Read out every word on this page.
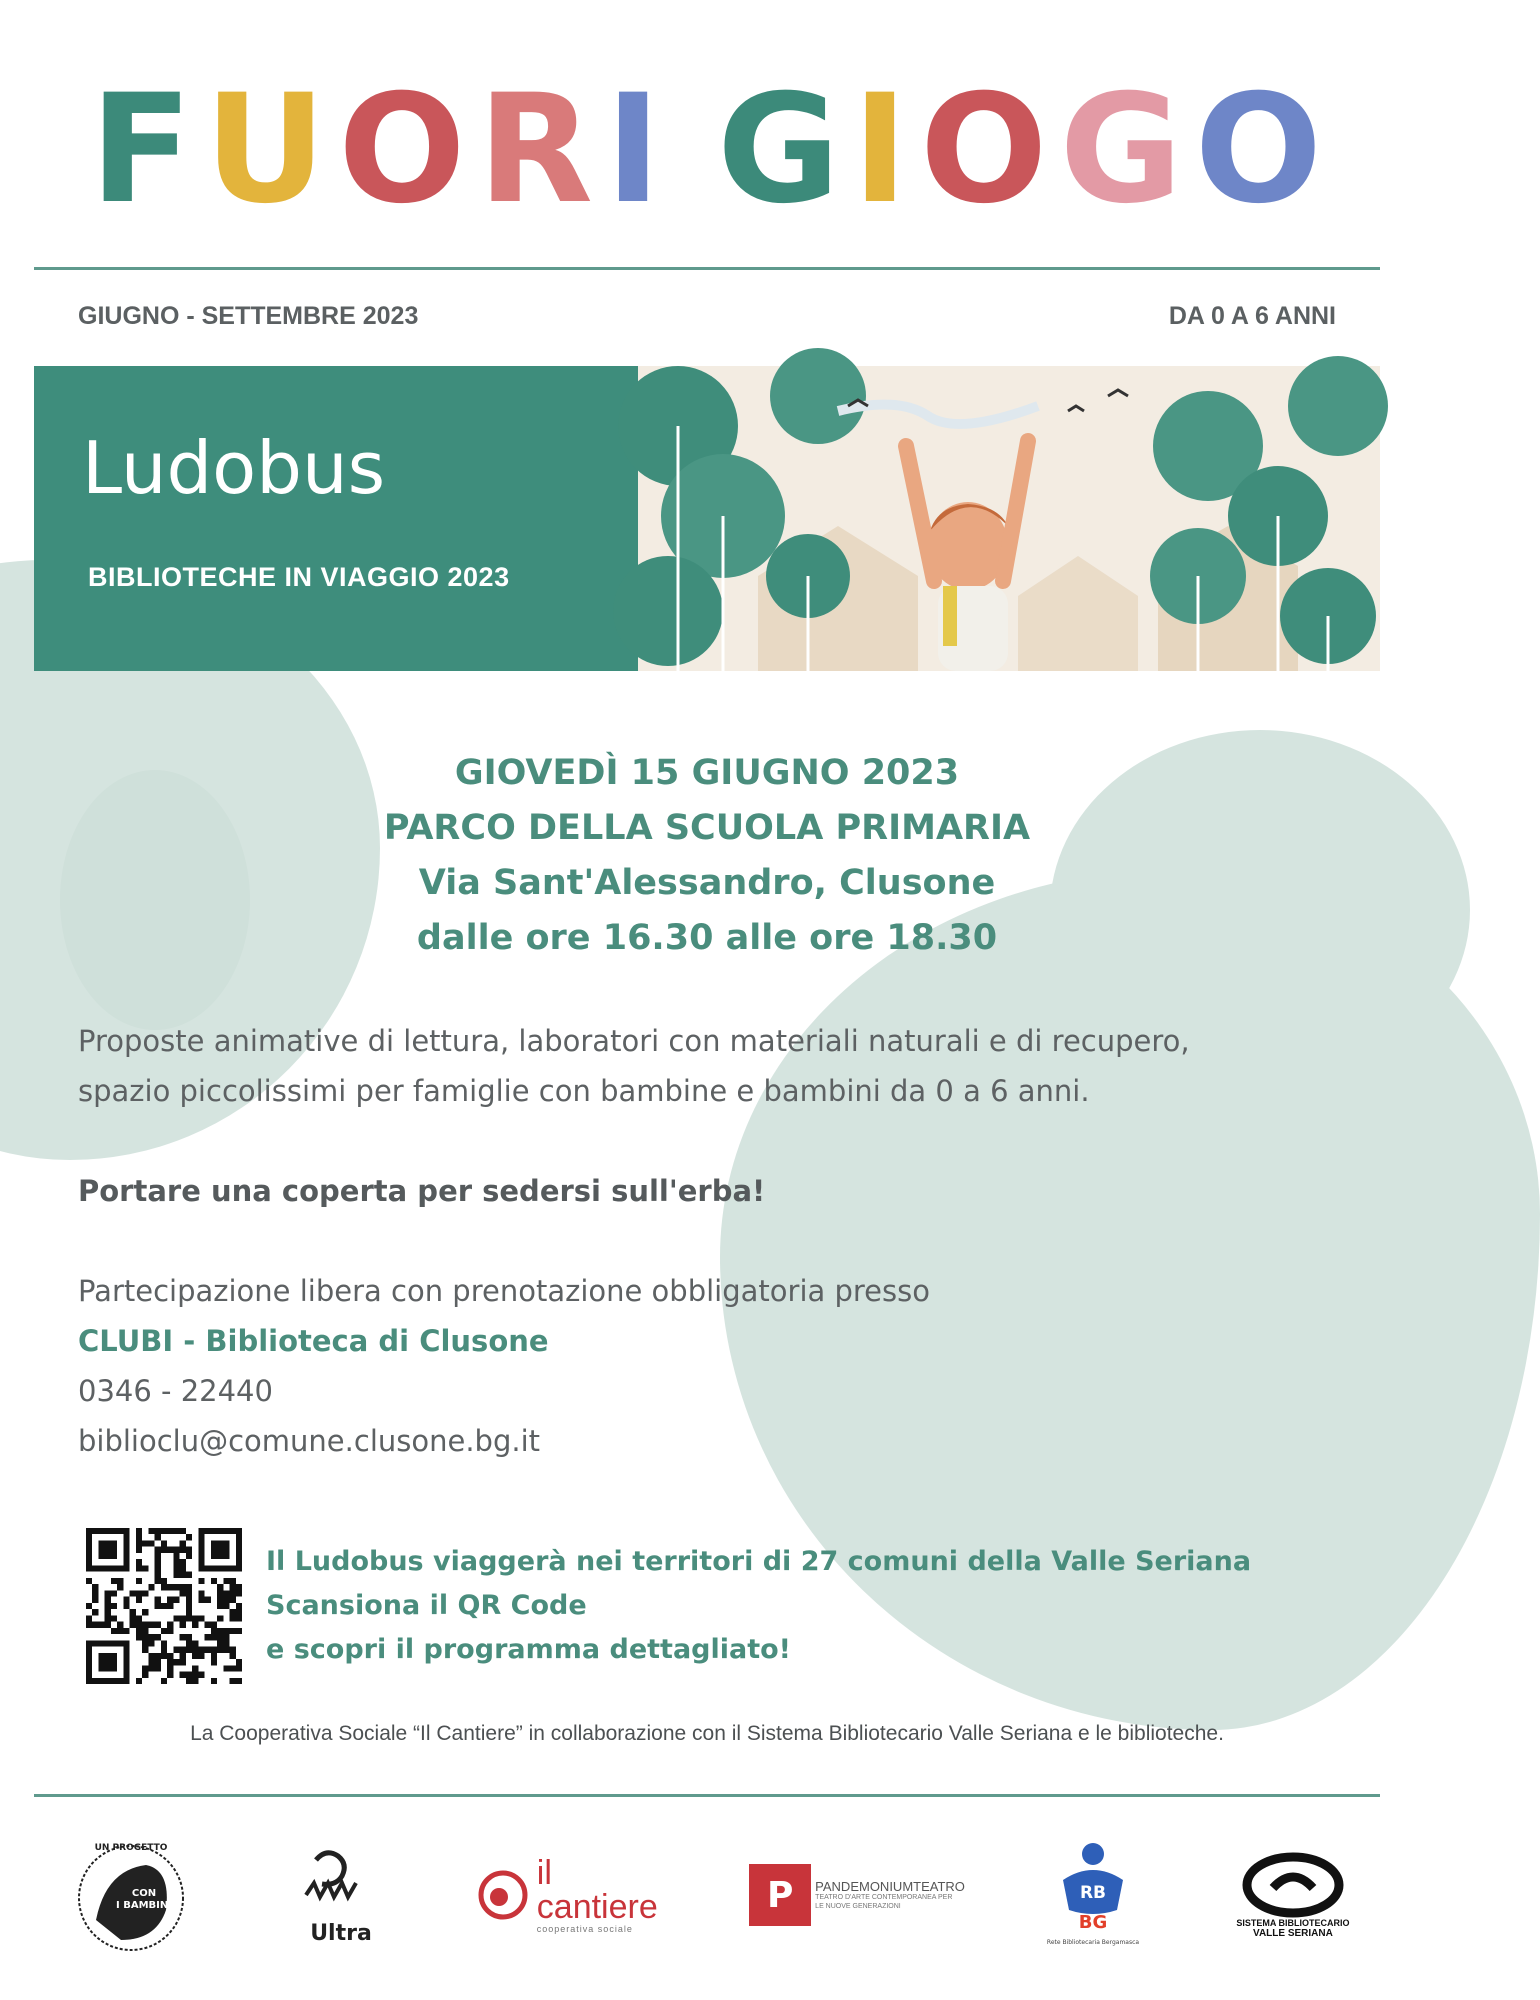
F U O R I G I O G O
GIUGNO - SETTEMBRE 2023	DA 0 A 6 ANNI
Ludobus
BIBLIOTECHE IN VIAGGIO 2023
GIOVEDÌ 15 GIUGNO 2023
PARCO DELLA SCUOLA PRIMARIA
Via Sant'Alessandro, Clusone
dalle ore 16.30 alle ore 18.30
Proposte animative di lettura, laboratori con materiali naturali e di recupero,
spazio piccolissimi per famiglie con bambine e bambini da 0 a 6 anni.
Portare una coperta per sedersi sull'erba!
Partecipazione libera con prenotazione obbligatoria presso
CLUBI - Biblioteca di Clusone
0346 - 22440
biblioclu@comune.clusone.bg.it
Il Ludobus viaggerà nei territori di 27 comuni della Valle Seriana
Scansiona il QR Code
e scopri il programma dettagliato!
La Cooperativa Sociale “Il Cantiere” in collaborazione con il Sistema Bibliotecario Valle Seriana e le biblioteche.
UN PROGETTO
CON
I BAMBINI
Ultra
il cantiere
cooperativa sociale
P	PANDEMONIUMTEATRO
TEATRO D'ARTE CONTEMPORANEA PER LE NUOVE GENERAZIONI
RB
BG
Rete Bibliotecaria Bergamasca
SISTEMA BIBLIOTECARIO
VALLE SERIANA
